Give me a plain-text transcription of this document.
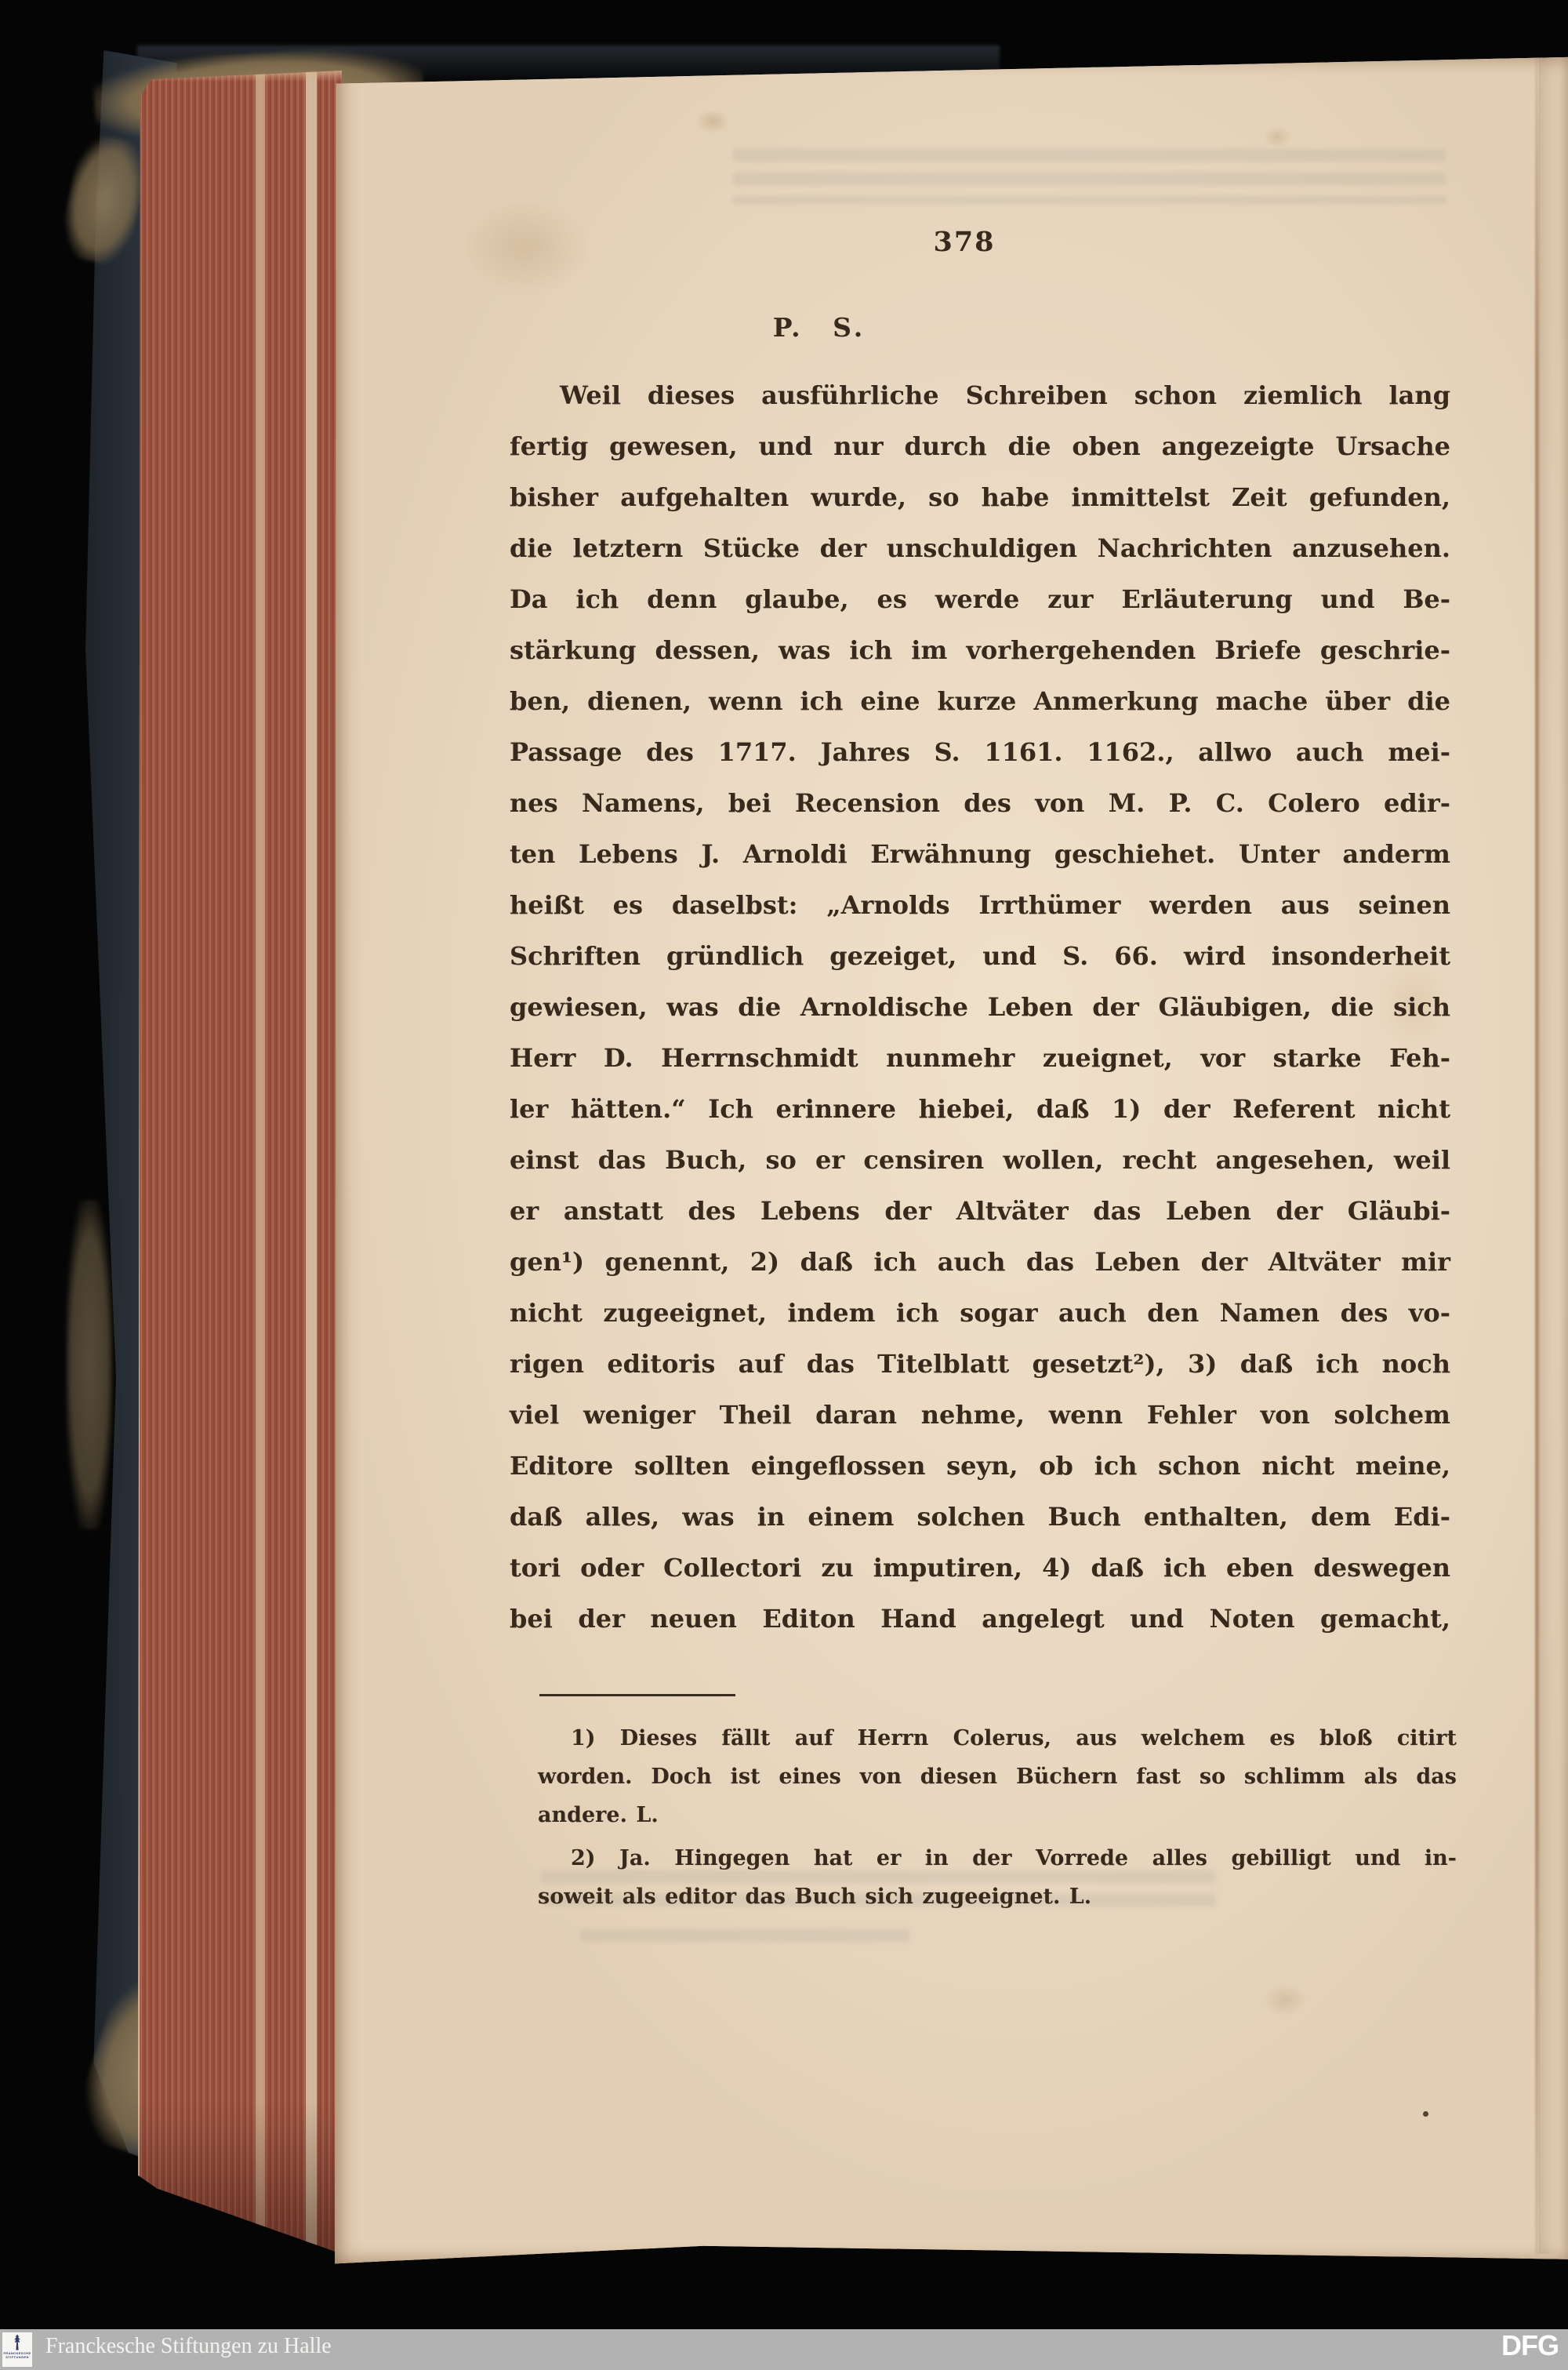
378
P. S.
Weil dieses ausführliche Schreiben schon ziemlich lang
fertig gewesen, und nur durch die oben angezeigte Ursache
bisher aufgehalten wurde, so habe inmittelst Zeit gefunden,
die letztern Stücke der unschuldigen Nachrichten anzusehen.
Da ich denn glaube, es werde zur Erläuterung und Be-
stärkung dessen, was ich im vorhergehenden Briefe geschrie-
ben, dienen, wenn ich eine kurze Anmerkung mache über die
Passage des 1717. Jahres S. 1161. 1162., allwo auch mei-
nes Namens, bei Recension des von M. P. C. Colero edir-
ten Lebens J. Arnoldi Erwähnung geschiehet. Unter anderm
heißt es daselbst: „Arnolds Irrthümer werden aus seinen
Schriften gründlich gezeiget, und S. 66. wird insonderheit
gewiesen, was die Arnoldische Leben der Gläubigen, die sich
Herr D. Herrnschmidt nunmehr zueignet, vor starke Feh-
ler hätten.“ Ich erinnere hiebei, daß 1) der Referent nicht
einst das Buch, so er censiren wollen, recht angesehen, weil
er anstatt des Lebens der Altväter das Leben der Gläubi-
gen¹) genennt, 2) daß ich auch das Leben der Altväter mir
nicht zugeeignet, indem ich sogar auch den Namen des vo-
rigen editoris auf das Titelblatt gesetzt²), 3) daß ich noch
viel weniger Theil daran nehme, wenn Fehler von solchem
Editore sollten eingeflossen seyn, ob ich schon nicht meine,
daß alles, was in einem solchen Buch enthalten, dem Edi-
tori oder Collectori zu imputiren, 4) daß ich eben deswegen
bei der neuen Editon Hand angelegt und Noten gemacht,
1) Dieses fällt auf Herrn Colerus, aus welchem es bloß citirt
worden. Doch ist eines von diesen Büchern fast so schlimm als das
andere. L.
2) Ja. Hingegen hat er in der Vorrede alles gebilligt und in-
soweit als editor das Buch sich zugeeignet. L.
FRANCKESCHE
STIFTUNGEN Franckesche Stiftungen zu Halle	DFG
